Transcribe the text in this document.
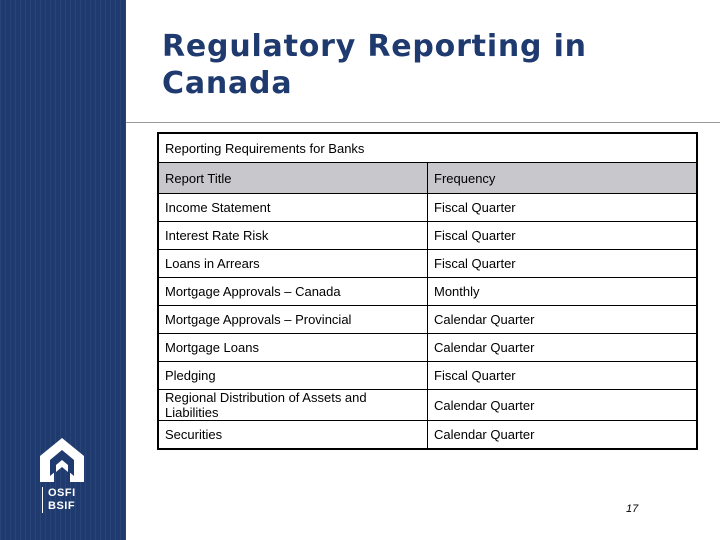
OSFI
BSIF
Regulatory Reporting in Canada
Reporting Requirements for Banks	
Report Title	Frequency
Income Statement	Fiscal Quarter
Interest Rate Risk	Fiscal Quarter
Loans in Arrears	Fiscal Quarter
Mortgage Approvals – Canada	Monthly
Mortgage Approvals – Provincial	Calendar Quarter
Mortgage Loans	Calendar Quarter
Pledging	Fiscal Quarter
Regional Distribution of Assets and Liabilities	Calendar Quarter
Securities	Calendar Quarter
17
